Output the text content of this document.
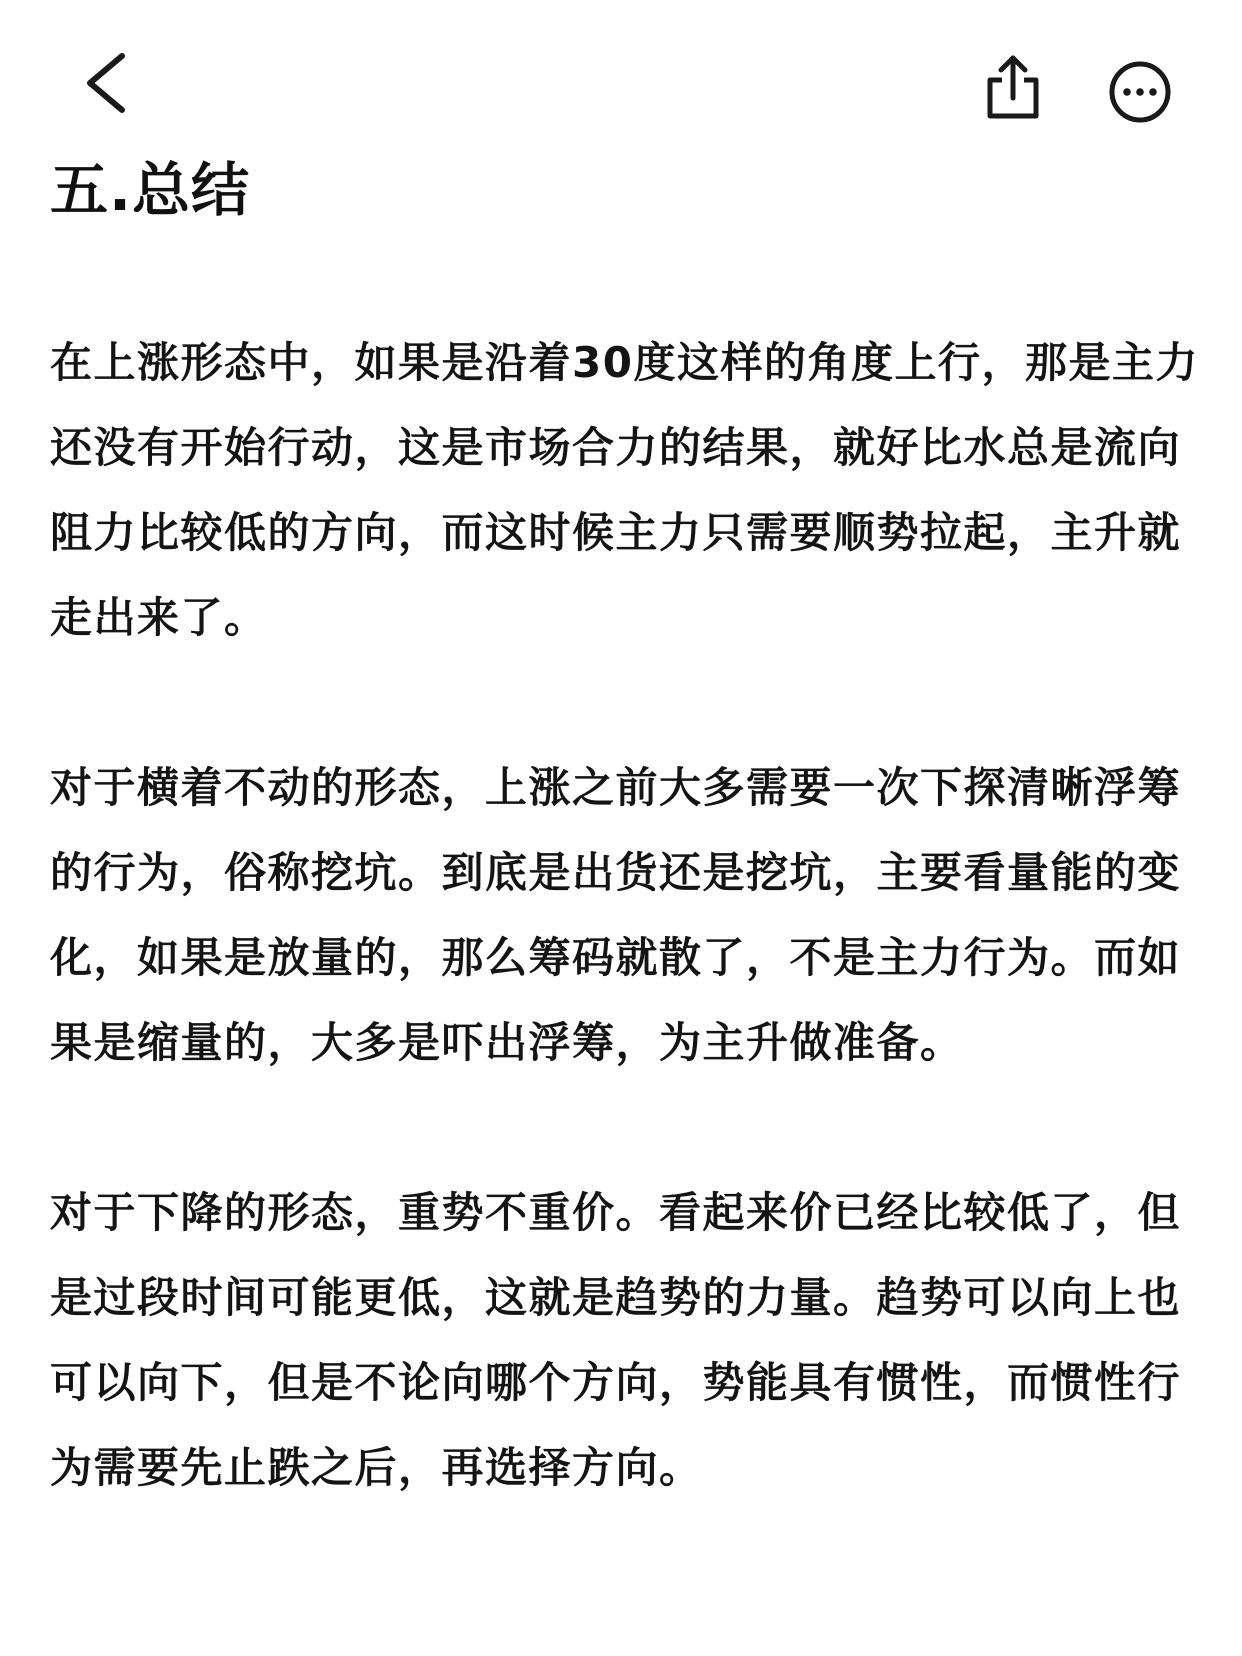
五.总结

在上涨形态中，如果是沿着30度这样的角度上行，那是主力还没有开始行动，这是市场合力的结果，就好比水总是流向阻力比较低的方向，而这时候主力只需要顺势拉起，主升就走出来了。

对于横着不动的形态，上涨之前大多需要一次下探清晰浮筹的行为，俗称挖坑。到底是出货还是挖坑，主要看量能的变化，如果是放量的，那么筹码就散了，不是主力行为。而如果是缩量的，大多是吓出浮筹，为主升做准备。

对于下降的形态，重势不重价。看起来价已经比较低了，但是过段时间可能更低，这就是趋势的力量。趋势可以向上也可以向下，但是不论向哪个方向，势能具有惯性，而惯性行为需要先止跌之后，再选择方向。
